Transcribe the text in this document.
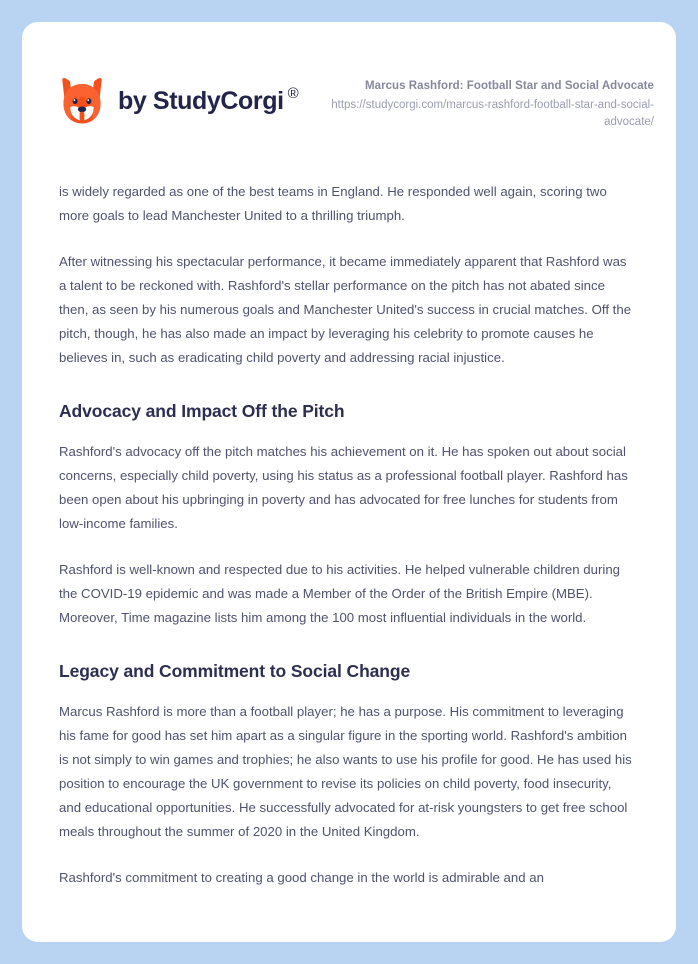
by StudyCorgi ®	Marcus Rashford: Football Star and Social Advocate
https://studycorgi.com/marcus-rashford-football-star-and-social-advocate/

is widely regarded as one of the best teams in England. He responded well again, scoring two more goals to lead Manchester United to a thrilling triumph.

After witnessing his spectacular performance, it became immediately apparent that Rashford was a talent to be reckoned with. Rashford's stellar performance on the pitch has not abated since then, as seen by his numerous goals and Manchester United's success in crucial matches. Off the pitch, though, he has also made an impact by leveraging his celebrity to promote causes he believes in, such as eradicating child poverty and addressing racial injustice.

Advocacy and Impact Off the Pitch

Rashford's advocacy off the pitch matches his achievement on it. He has spoken out about social concerns, especially child poverty, using his status as a professional football player. Rashford has been open about his upbringing in poverty and has advocated for free lunches for students from low-income families.

Rashford is well-known and respected due to his activities. He helped vulnerable children during the COVID-19 epidemic and was made a Member of the Order of the British Empire (MBE). Moreover, Time magazine lists him among the 100 most influential individuals in the world.

Legacy and Commitment to Social Change

Marcus Rashford is more than a football player; he has a purpose. His commitment to leveraging his fame for good has set him apart as a singular figure in the sporting world. Rashford's ambition is not simply to win games and trophies; he also wants to use his profile for good. He has used his position to encourage the UK government to revise its policies on child poverty, food insecurity, and educational opportunities. He successfully advocated for at-risk youngsters to get free school meals throughout the summer of 2020 in the United Kingdom.

Rashford's commitment to creating a good change in the world is admirable and an
